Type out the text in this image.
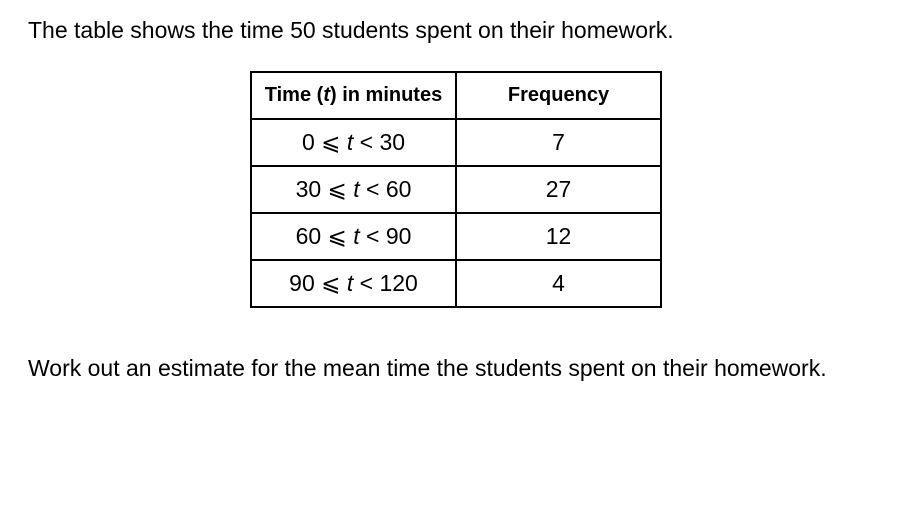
The table shows the time 50 students spent on their homework.
Time (t) in minutes	Frequency
0 ⩽ t < 30	7
30 ⩽ t < 60	27
60 ⩽ t < 90	12
90 ⩽ t < 120	4
Work out an estimate for the mean time the students spent on their homework.
